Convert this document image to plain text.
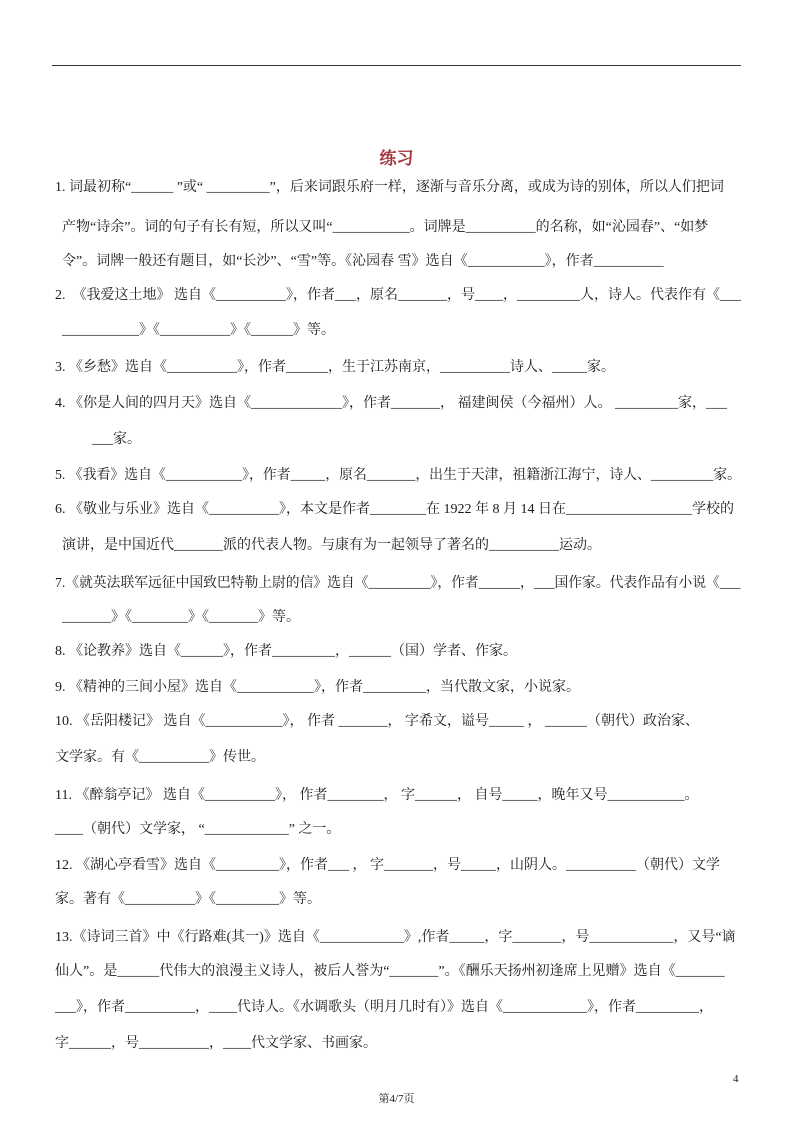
练习
1. 词最初称“______ ”或“ _________”，后来词跟乐府一样，逐渐与音乐分离，或成为诗的别体，所以人们把词
产物“诗余”。词的句子有长有短，所以又叫“___________。词牌是__________的名称，如“沁园春”、“如梦
令”。词牌一般还有题目，如“长沙”、“雪”等。《沁园春 雪》选自《___________》，作者__________
2.　《我爱这土地》 选自《__________》，作者___，原名_______，号____，_________人，诗人。代表作有《___
___________》《__________》《______》等。
3. 《乡愁》选自《__________》，作者______，生于江苏南京，__________诗人、_____家。
4. 《你是人间的四月天》选自《_____________》，作者_______， 福建闽侯（今福州）人。 _________家，___
___家。
5. 《我看》选自《___________》，作者_____，原名_______，出生于天津，祖籍浙江海宁，诗人、_________家。
6. 《敬业与乐业》选自《__________》，本文是作者________在 1922 年 8 月 14 日在__________________学校的
演讲，是中国近代_______派的代表人物。与康有为一起领导了著名的__________运动。
7.《就英法联军远征中国致巴特勒上尉的信》选自《_________》，作者______，___国作家。代表作品有小说《___
_______》《________》《_______》等。
8. 《论教养》选自《______》，作者_________，______（国）学者、作家。
9. 《精神的三间小屋》选自《___________》，作者_________，当代散文家，小说家。
10. 《岳阳楼记》 选自《___________》， 作者 _______， 字希文，谥号_____ ， ______（朝代）政治家、
文学家。有《__________》传世。
11. 《醉翁亭记》 选自《__________》， 作者________， 字______， 自号_____，晚年又号___________。
____（朝代）文学家， “____________” 之一。
12. 《湖心亭看雪》选自《_________》，作者___ ， 字_______，号_____，山阴人。__________（朝代）文学
家。著有《__________》《_________》等。
13.《诗词三首》中《行路难(其一)》选自《____________》,作者_____，字_______，号____________，又号“谪
仙人”。是______代伟大的浪漫主义诗人，被后人誉为“_______”。《酬乐天扬州初逢席上见赠》选自《_______
___》，作者__________，____代诗人。《水调歌头（明月几时有）》选自《____________》，作者_________，
字______，号__________，____代文学家、书画家。
4
第4/7页
